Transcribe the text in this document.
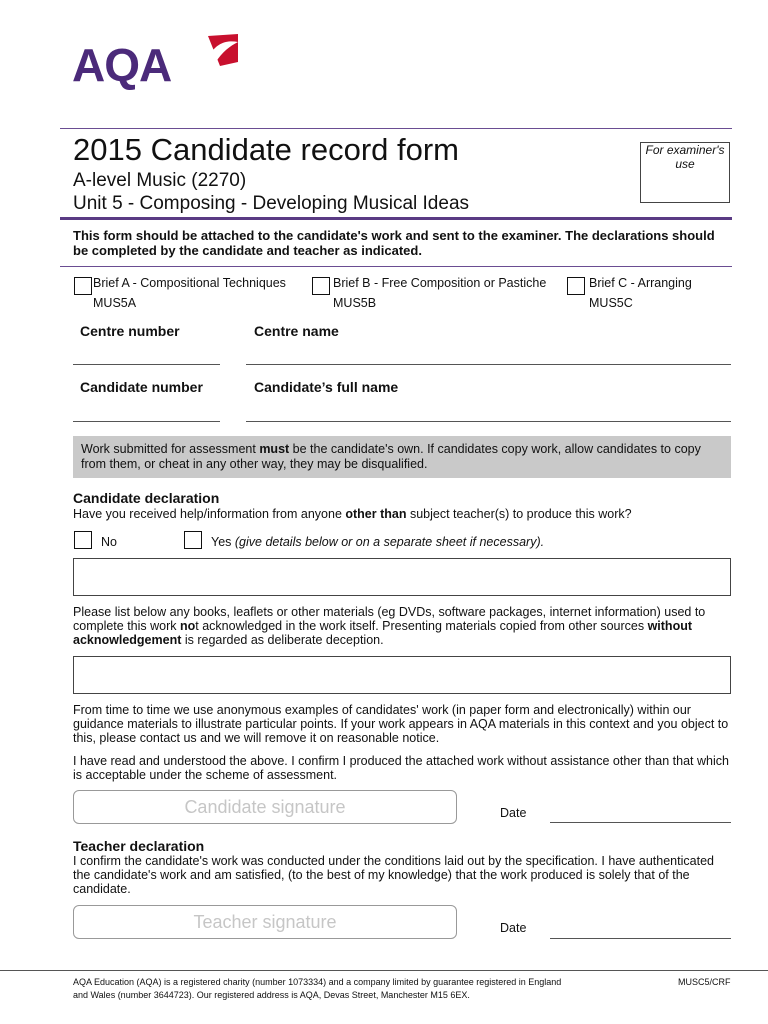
AQA
2015 Candidate record form
A-level Music (2270)
Unit 5 - Composing - Developing Musical Ideas
For examiner's use
This form should be attached to the candidate's work and sent to the examiner. The declarations should be completed by the candidate and teacher as indicated.
Brief A - Compositional Techniques
MUS5A
Brief B - Free Composition or Pastiche
MUS5B
Brief C - Arranging
MUS5C
Centre number	Centre name
Candidate number	Candidate’s full name
Work submitted for assessment must be the candidate's own. If candidates copy work, allow candidates to copy from them, or cheat in any other way, they may be disqualified.
Candidate declaration
Have you received help/information from anyone other than subject teacher(s) to produce this work?
No	Yes (give details below or on a separate sheet if necessary).
Please list below any books, leaflets or other materials (eg DVDs, software packages, internet information) used to complete this work not acknowledged in the work itself. Presenting materials copied from other sources without acknowledgement is regarded as deliberate deception.
From time to time we use anonymous examples of candidates' work (in paper form and electronically) within our guidance materials to illustrate particular points. If your work appears in AQA materials in this context and you object to this, please contact us and we will remove it on reasonable notice.
I have read and understood the above. I confirm I produced the attached work without assistance other than that which is acceptable under the scheme of assessment.
Candidate signature	Date
Teacher declaration
I confirm the candidate's work was conducted under the conditions laid out by the specification. I have authenticated the candidate's work and am satisfied, (to the best of my knowledge) that the work produced is solely that of the candidate.
Teacher signature	Date
AQA Education (AQA) is a registered charity (number 1073334) and a company limited by guarantee registered in England
and Wales (number 3644723). Our registered address is AQA, Devas Street, Manchester M15 6EX.
MUSC5/CRF
